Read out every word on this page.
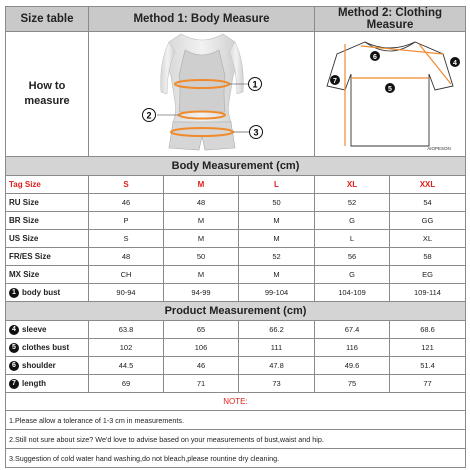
Size table	Method 1: Body Measure			Method 2: Clothing Measure	
How to
measure	1
2
3			6
4
5
7
AIOPESON	

Body Measurement (cm)					
Tag Size	S	M	L	XL	XXL
RU Size	46	48	50	52	54
BR Size	P	M	M	G	GG
US Size	S	M	M	L	XL
FR/ES Size	48	50	52	56	58
MX Size	CH	M	M	G	EG
1 body bust	90-94	94-99	99-104	104-109	109-114
Product Measurement (cm)					
4 sleeve	63.8	65	66.2	67.4	68.6
5 clothes bust	102	106	111	116	121
6 shoulder	44.5	46	47.8	49.6	51.4
7 length	69	71	73	75	77
NOTE:					
1.Please allow a tolerance of 1-3 cm in measurements.					
2.Still not sure about size? We'd love to advise based on your measurements of bust,waist and hip.					
3.Suggestion of cold water hand washing,do not bleach,please rountine dry cleaning.					
